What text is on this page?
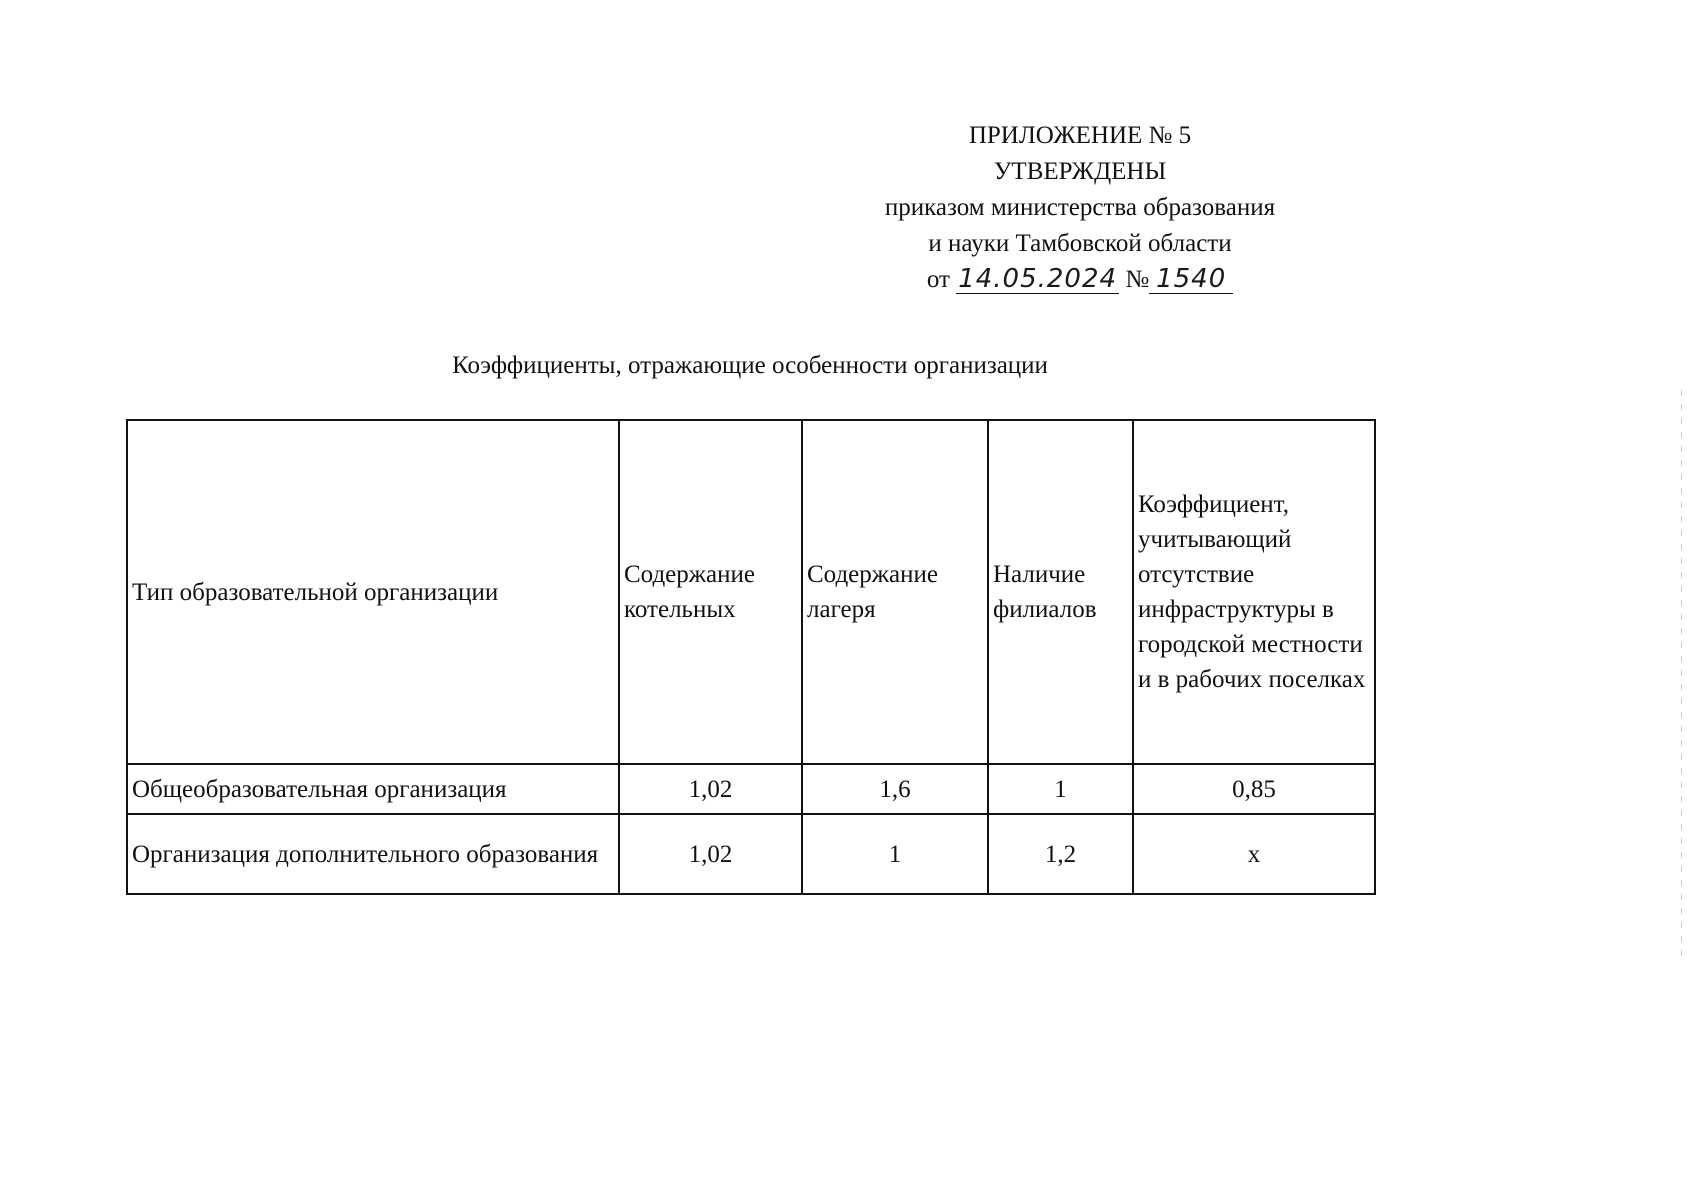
ПРИЛОЖЕНИЕ № 5
УТВЕРЖДЕНЫ
приказом министерства образования
и науки Тамбовской области
от 14.05.2024 № 1540
Коэффициенты, отражающие особенности организации
Тип образовательной организации	Содержание котельных	Содержание лагеря	Наличие филиалов	Коэффициент, учитывающий отсутствие инфраструктуры в городской местности и в рабочих поселках
Общеобразовательная организация	1,02	1,6	1	0,85
Организация дополнительного образования	1,02	1	1,2	х
